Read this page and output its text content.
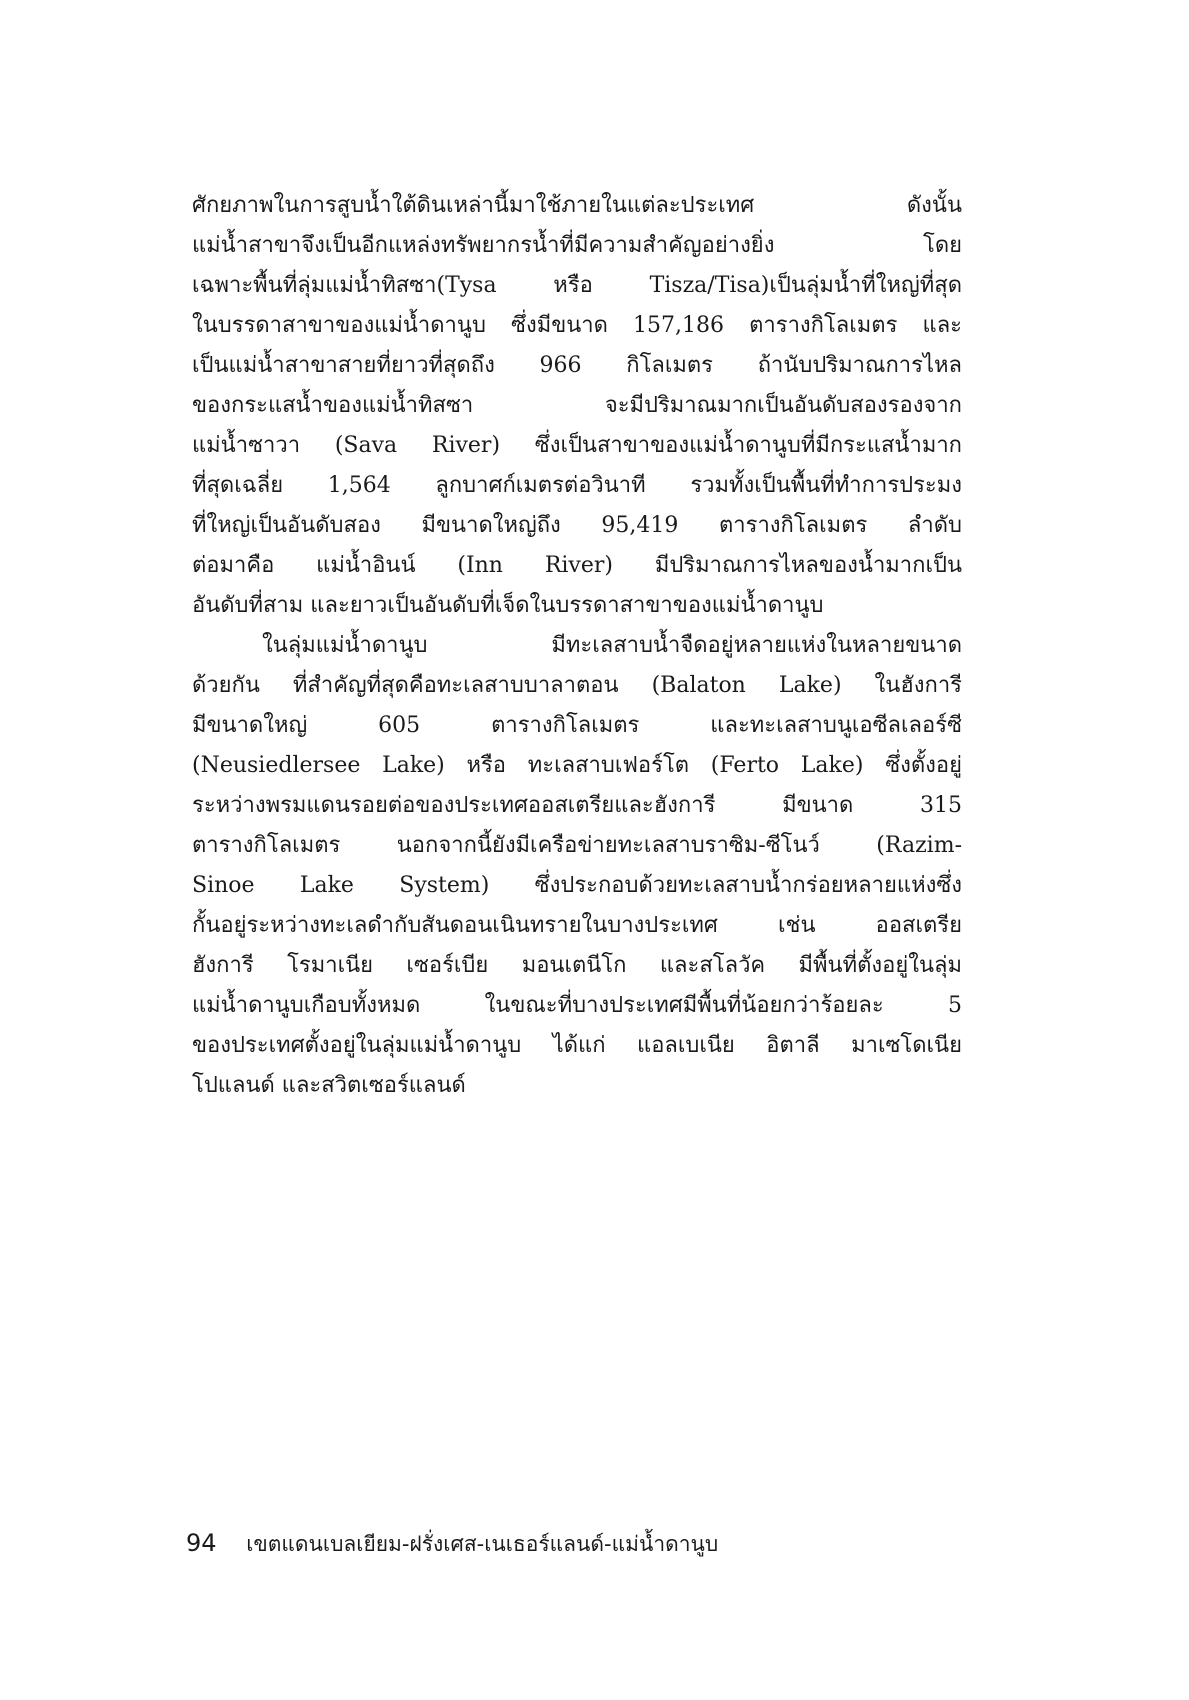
ศักยภาพในการสูบน้ำใต้ดินเหล่านี้มาใช้ภายในแต่ละประเทศ ดังนั้น
แม่น้ำสาขาจึงเป็นอีกแหล่งทรัพยากรน้ำที่มีความสำคัญอย่างยิ่ง โดย
เฉพาะพื้นที่ลุ่มแม่น้ำทิสซา(Tysa หรือ Tisza/Tisa)เป็นลุ่มน้ำที่ใหญ่ที่สุด
ในบรรดาสาขาของแม่น้ำดานูบ ซึ่งมีขนาด 157,186 ตารางกิโลเมตร และ
เป็นแม่น้ำสาขาสายที่ยาวที่สุดถึง 966 กิโลเมตร ถ้านับปริมาณการไหล
ของกระแสน้ำของแม่น้ำทิสซา จะมีปริมาณมากเป็นอันดับสองรองจาก
แม่น้ำซาวา (Sava River) ซึ่งเป็นสาขาของแม่น้ำดานูบที่มีกระแสน้ำมาก
ที่สุดเฉลี่ย 1,564 ลูกบาศก์เมตรต่อวินาที รวมทั้งเป็นพื้นที่ทำการประมง
ที่ใหญ่เป็นอันดับสอง มีขนาดใหญ่ถึง 95,419 ตารางกิโลเมตร ลำดับ
ต่อมาคือ แม่น้ำอินน์ (Inn River) มีปริมาณการไหลของน้ำมากเป็น
อันดับที่สาม และยาวเป็นอันดับที่เจ็ดในบรรดาสาขาของแม่น้ำดานูบ
ในลุ่มแม่น้ำดานูบ มีทะเลสาบน้ำจืดอยู่หลายแห่งในหลายขนาด
ด้วยกัน ที่สำคัญที่สุดคือทะเลสาบบาลาตอน (Balaton Lake) ในฮังการี
มีขนาดใหญ่ 605 ตารางกิโลเมตร และทะเลสาบนูเอซีลเลอร์ซี
(Neusiedlersee Lake) หรือ ทะเลสาบเฟอร์โต (Ferto Lake) ซึ่งตั้งอยู่
ระหว่างพรมแดนรอยต่อของประเทศออสเตรียและฮังการี มีขนาด 315
ตารางกิโลเมตร นอกจากนี้ยังมีเครือข่ายทะเลสาบราซิม-ซีโนว์ (Razim-
Sinoe Lake System) ซึ่งประกอบด้วยทะเลสาบน้ำกร่อยหลายแห่งซึ่ง
กั้นอยู่ระหว่างทะเลดำกับสันดอนเนินทรายในบางประเทศ เช่น ออสเตรีย
ฮังการี โรมาเนีย เซอร์เบีย มอนเตนีโก และสโลวัค มีพื้นที่ตั้งอยู่ในลุ่ม
แม่น้ำดานูบเกือบทั้งหมด ในขณะที่บางประเทศมีพื้นที่น้อยกว่าร้อยละ 5
ของประเทศตั้งอยู่ในลุ่มแม่น้ำดานูบ ได้แก่ แอลเบเนีย อิตาลี มาเซโดเนีย
โปแลนด์ และสวิตเซอร์แลนด์
94 เขตแดนเบลเยียม-ฝรั่งเศส-เนเธอร์แลนด์-แม่น้ำดานูบ
